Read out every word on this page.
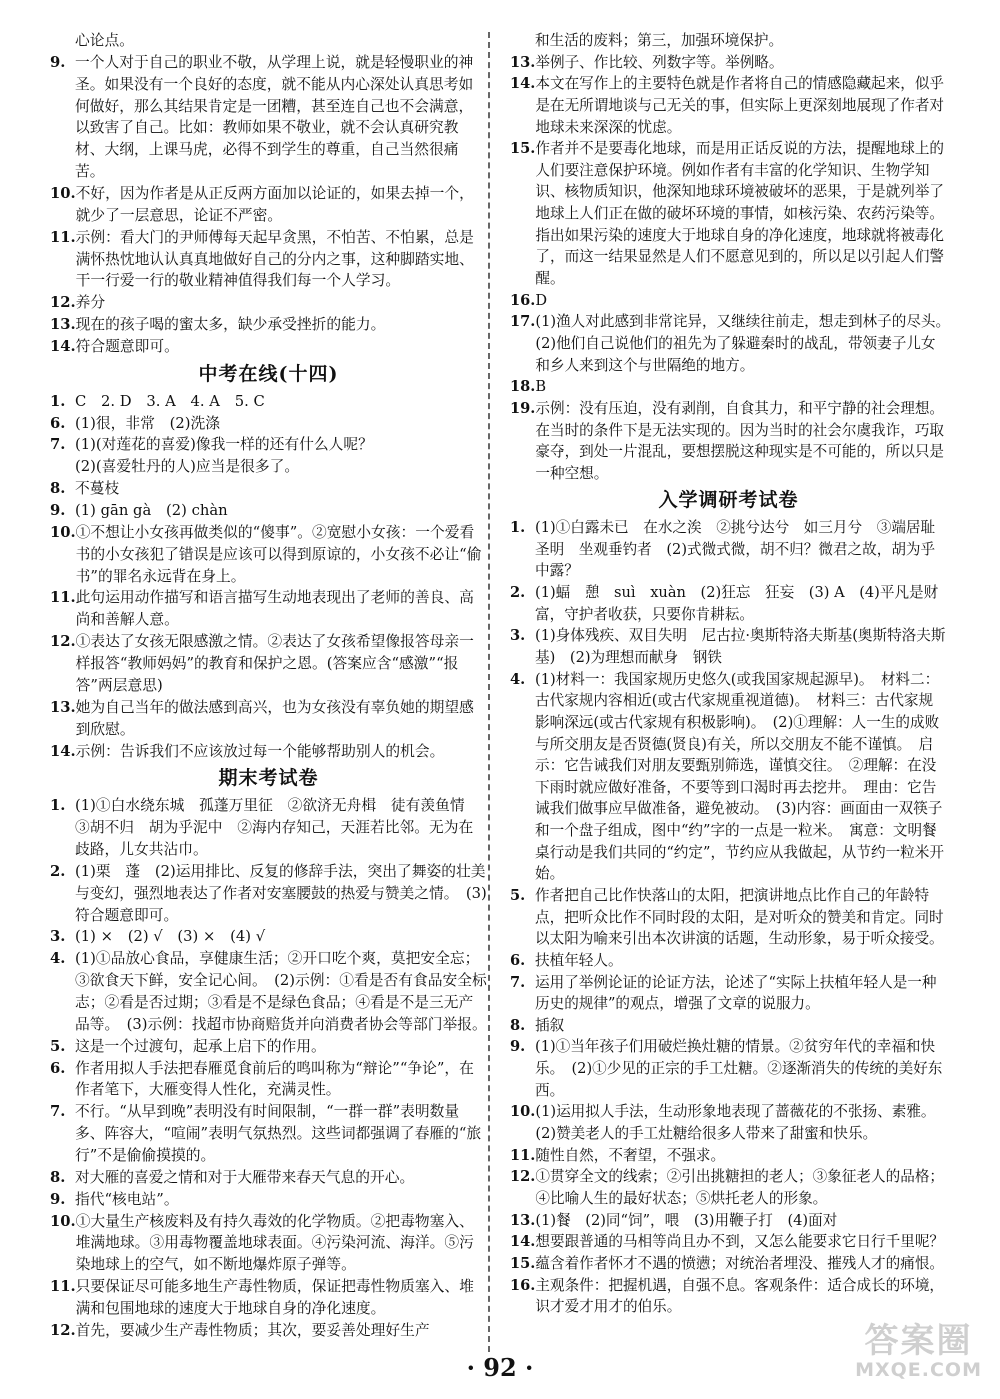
心论点。
9. 一个人对于自己的职业不敬，从学理上说，就是轻慢职业的神圣。如果没有一个良好的态度，就不能从内心深处认真思考如何做好，那么其结果肯定是一团糟，甚至连自己也不会满意，以致害了自己。比如：教师如果不敬业，就不会认真研究教材、大纲，上课马虎，必得不到学生的尊重，自己当然很痛苦。
10. 不好，因为作者是从正反两方面加以论证的，如果去掉一个，就少了一层意思，论证不严密。
11. 示例：看大门的尹师傅每天起早贪黑，不怕苦、不怕累，总是满怀热忱地认认真真地做好自己的分内之事，这种脚踏实地、干一行爱一行的敬业精神值得我们每一个人学习。
12. 养分
13. 现在的孩子喝的蜜太多，缺少承受挫折的能力。
14. 符合题意即可。
中考在线(十四)
1. C　2. D　3. A　4. A　5. C
6. (1)很，非常　(2)洗涤
7. (1)(对莲花的喜爱)像我一样的还有什么人呢？
(2)(喜爱牡丹的人)应当是很多了。
8. 不蔓枝
9. (1) gān gà　(2) chàn
10. ①不想让小女孩再做类似的“傻事”。②宽慰小女孩：一个爱看书的小女孩犯了错误是应该可以得到原谅的，小女孩不必让“偷书”的罪名永远背在身上。
11. 此句运用动作描写和语言描写生动地表现出了老师的善良、高尚和善解人意。
12. ①表达了女孩无限感激之情。②表达了女孩希望像报答母亲一样报答“教师妈妈”的教育和保护之恩。(答案应含“感激”“报答”两层意思)
13. 她为自己当年的做法感到高兴，也为女孩没有辜负她的期望感到欣慰。
14. 示例：告诉我们不应该放过每一个能够帮助别人的机会。
期末考试卷
1. (1)①白水绕东城　孤蓬万里征　②欲济无舟楫　徒有羡鱼情　③胡不归　胡为乎泥中　②海内存知己，天涯若比邻。无为在歧路，儿女共沾巾。
2. (1)栗　蓬　(2)运用排比、反复的修辞手法，突出了舞姿的壮美与变幻，强烈地表达了作者对安塞腰鼓的热爱与赞美之情。　(3)符合题意即可。
3. (1) ×　(2) √　(3) ×　(4) √
4. (1)①品放心食品，享健康生活；②开口吃个爽，莫把安全忘；③欲食天下鲜，安全记心间。　(2)示例：①看是否有食品安全标志；②看是否过期；③看是不是绿色食品；④看是不是三无产品等。　(3)示例：找超市协商赔货并向消费者协会等部门举报。
5. 这是一个过渡句，起承上启下的作用。
6. 作者用拟人手法把春雁觅食前后的鸣叫称为“辩论”“争论”，在作者笔下，大雁变得人性化，充满灵性。
7. 不行。“从早到晚”表明没有时间限制，“一群一群”表明数量多、阵容大，“喧闹”表明气氛热烈。这些词都强调了春雁的“旅行”不是偷偷摸摸的。
8. 对大雁的喜爱之情和对于大雁带来春天气息的开心。
9. 指代“核电站”。
10. ①大量生产核废料及有持久毒效的化学物质。②把毒物塞入、堆满地球。③用毒物覆盖地球表面。④污染河流、海洋。⑤污染地球上的空气，如不断地爆炸原子弹等。
11. 只要保证尽可能多地生产毒性物质，保证把毒性物质塞入、堆满和包围地球的速度大于地球自身的净化速度。
12. 首先，要减少生产毒性物质；其次，要妥善处理好生产
和生活的废料；第三，加强环境保护。
13. 举例子、作比较、列数字等。举例略。
14. 本文在写作上的主要特色就是作者将自己的情感隐藏起来，似乎是在无所谓地谈与己无关的事，但实际上更深刻地展现了作者对地球未来深深的忧虑。
15. 作者并不是要毒化地球，而是用正话反说的方法，提醒地球上的人们要注意保护环境。例如作者有丰富的化学知识、生物学知识、核物质知识，他深知地球环境被破坏的恶果，于是就列举了地球上人们正在做的破坏环境的事情，如核污染、农药污染等。指出如果污染的速度大于地球自身的净化速度，地球就将被毒化了，而这一结果显然是人们不愿意见到的，所以足以引起人们警醒。
16. D
17. (1)渔人对此感到非常诧异，又继续往前走，想走到林子的尽头。　(2)他们自己说他们的祖先为了躲避秦时的战乱，带领妻子儿女和乡人来到这个与世隔绝的地方。
18. B
19. 示例：没有压迫，没有剥削，自食其力，和平宁静的社会理想。在当时的条件下是无法实现的。因为当时的社会尔虞我诈，巧取豪夺，到处一片混乱，要想摆脱这种现实是不可能的，所以只是一种空想。
入学调研考试卷
1. (1)①白露未已　在水之涘　②挑兮达兮　如三月兮　③端居耻圣明　坐观垂钓者　(2)式微式微，胡不归？微君之故，胡为乎中露？
2. (1)蝠　憩　suì　xuàn　(2)狂忘　狂妄　(3) A　(4)平凡是财富，守护者收获，只要你肯耕耘。
3. (1)身体残疾、双目失明　尼古拉·奥斯特洛夫斯基(奥斯特洛夫斯基)　(2)为理想而献身　钢铁
4. (1)材料一：我国家规历史悠久(或我国家规起源早)。　材料二：古代家规内容相近(或古代家规重视道德)。　材料三：古代家规影响深远(或古代家规有积极影响)。　(2)①理解：人一生的成败与所交朋友是否贤德(贤良)有关，所以交朋友不能不谨慎。　启示：它告诫我们对朋友要甄别筛选，谨慎交往。　②理解：在没下雨时就应做好准备，不要等到口渴时再去挖井。　理由：它告诫我们做事应早做准备，避免被动。　(3)内容：画面由一双筷子和一个盘子组成，图中“约”字的一点是一粒米。　寓意：文明餐桌行动是我们共同的“约定”，节约应从我做起，从节约一粒米开始。
5. 作者把自己比作快落山的太阳，把演讲地点比作自己的年龄特点，把听众比作不同时段的太阳，是对听众的赞美和肯定。同时以太阳为喻来引出本次讲演的话题，生动形象，易于听众接受。
6. 扶植年轻人。
7. 运用了举例论证的论证方法，论述了“实际上扶植年轻人是一种历史的规律”的观点，增强了文章的说服力。
8. 插叙
9. (1)①当年孩子们用破烂换灶糖的情景。②贫穷年代的幸福和快乐。　(2)①少见的正宗的手工灶糖。②逐渐消失的传统的美好东西。
10. (1)运用拟人手法，生动形象地表现了蔷薇花的不张扬、素雅。　(2)赞美老人的手工灶糖给很多人带来了甜蜜和快乐。
11. 随性自然，不奢望，不强求。
12. ①贯穿全文的线索；②引出挑糖担的老人；③象征老人的品格；④比喻人生的最好状态；⑤烘托老人的形象。
13. (1)餐　(2)同“饲”，喂　(3)用鞭子打　(4)面对
14. 想要跟普通的马相等尚且办不到，又怎么能要求它日行千里呢？
15. 蕴含着作者怀才不遇的愤懑；对统治者埋没、摧残人才的痛恨。
16. 主观条件：把握机遇，自强不息。客观条件：适合成长的环境，识才爱才用才的伯乐。
· 92 ·
答案圈
MXQE.COM
